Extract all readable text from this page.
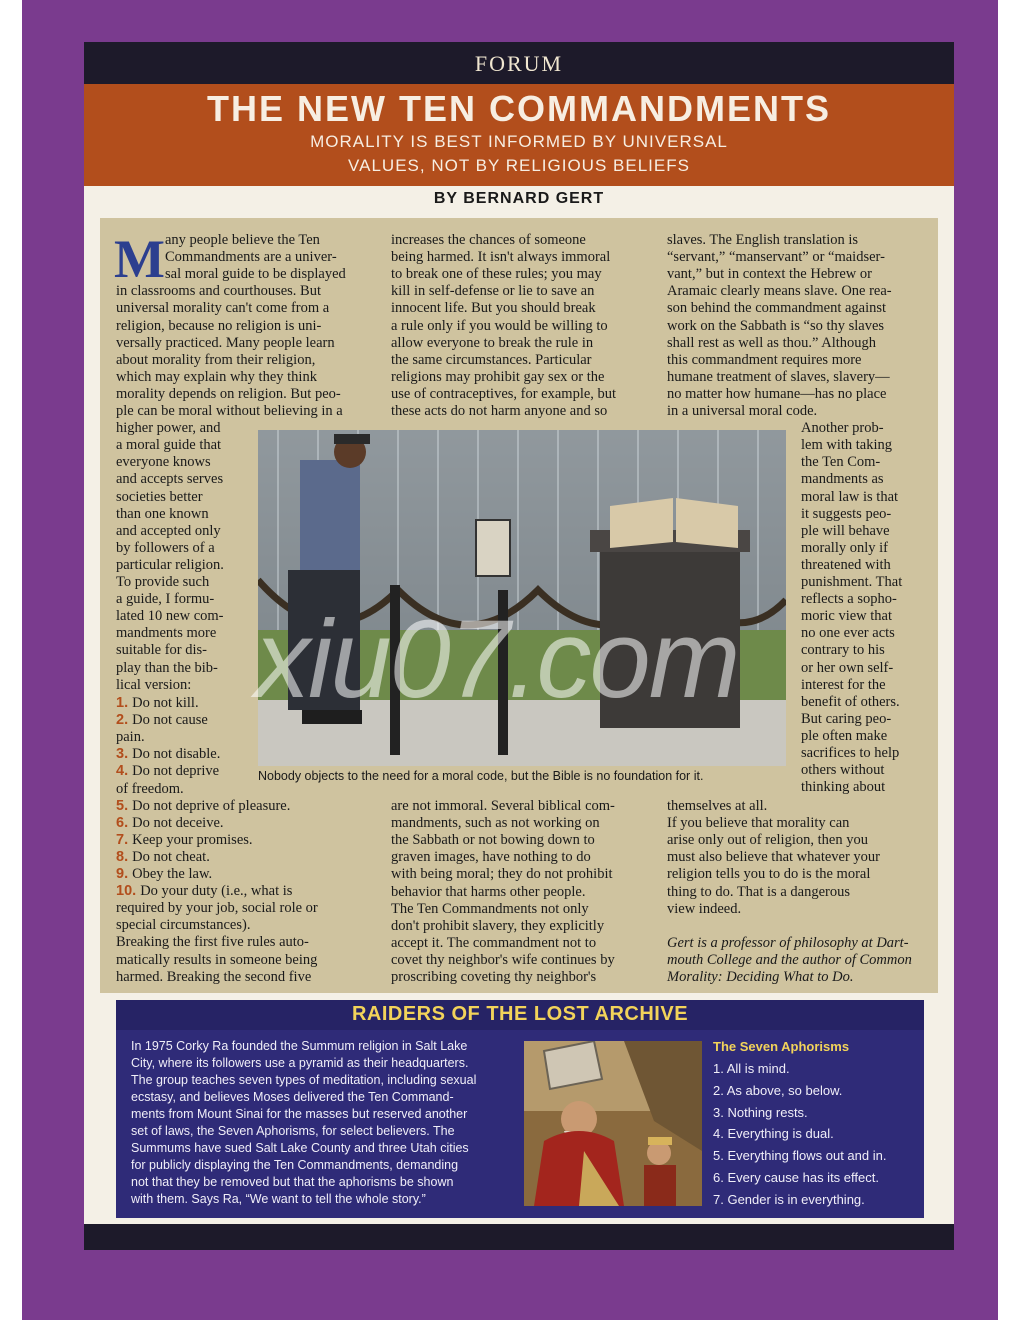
FORUM
THE NEW TEN COMMANDMENTS
MORALITY IS BEST INFORMED BY UNIVERSAL
VALUES, NOT BY RELIGIOUS BELIEFS
BY BERNARD GERT
M any people believe the Ten
Commandments are a univer-
sal moral guide to be displayed
in classrooms and courthouses. But
universal morality can't come from a
religion, because no religion is uni-
versally practiced. Many people learn
about morality from their religion,
which may explain why they think
morality depends on religion. But peo-
ple can be moral without believing in a
higher power, and
a moral guide that
everyone knows
and accepts serves
societies better
than one known
and accepted only
by followers of a
particular religion.
To provide such
a guide, I formu-
lated 10 new com-
mandments more
suitable for dis-
play than the bib-
lical version:
1. Do not kill.
2. Do not cause
pain.
3. Do not disable.
4. Do not deprive
of freedom.
5. Do not deprive of pleasure.
6. Do not deceive.
7. Keep your promises.
8. Do not cheat.
9. Obey the law.
10. Do your duty (i.e., what is
required by your job, social role or
special circumstances).
Breaking the first five rules auto-
matically results in someone being
harmed. Breaking the second five
increases the chances of someone
being harmed. It isn't always immoral
to break one of these rules; you may
kill in self-defense or lie to save an
innocent life. But you should break
a rule only if you would be willing to
allow everyone to break the rule in
the same circumstances. Particular
religions may prohibit gay sex or the
use of contraceptives, for example, but
these acts do not harm anyone and so
are not immoral. Several biblical com-
mandments, such as not working on
the Sabbath or not bowing down to
graven images, have nothing to do
with being moral; they do not prohibit
behavior that harms other people.
The Ten Commandments not only
don't prohibit slavery, they explicitly
accept it. The commandment not to
covet thy neighbor's wife continues by
proscribing coveting thy neighbor's
slaves. The English translation is
“servant,” “manservant” or “maidser-
vant,” but in context the Hebrew or
Aramaic clearly means slave. One rea-
son behind the commandment against
work on the Sabbath is “so thy slaves
shall rest as well as thou.” Although
this commandment requires more
humane treatment of slaves, slavery—
no matter how humane—has no place
in a universal moral code.
Another prob-
lem with taking
the Ten Com-
mandments as
moral law is that
it suggests peo-
ple will behave
morally only if
threatened with
punishment. That
reflects a sopho-
moric view that
no one ever acts
contrary to his
or her own self-
interest for the
benefit of others.
But caring peo-
ple often make
sacrifices to help
others without
thinking about
themselves at all.
If you believe that morality can
arise only out of religion, then you
must also believe that whatever your
religion tells you to do is the moral
thing to do. That is a dangerous
view indeed.
Gert is a professor of philosophy at Dart-
mouth College and the author of Common
Morality: Deciding What to Do.
Nobody objects to the need for a moral code, but the Bible is no foundation for it.
xiu07.com
RAIDERS OF THE LOST ARCHIVE
In 1975 Corky Ra founded the Summum religion in Salt Lake
City, where its followers use a pyramid as their headquarters.
The group teaches seven types of meditation, including sexual
ecstasy, and believes Moses delivered the Ten Command-
ments from Mount Sinai for the masses but reserved another
set of laws, the Seven Aphorisms, for select believers. The
Summums have sued Salt Lake County and three Utah cities
for publicly displaying the Ten Commandments, demanding
not that they be removed but that the aphorisms be shown
with them. Says Ra, “We want to tell the whole story.”
The Seven Aphorisms
1. All is mind.
2. As above, so below.
3. Nothing rests.
4. Everything is dual.
5. Everything flows out and in.
6. Every cause has its effect.
7. Gender is in everything.
